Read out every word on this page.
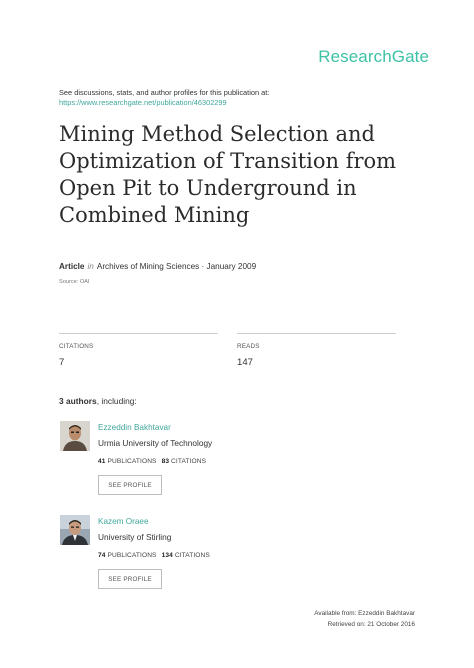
ResearchGate
See discussions, stats, and author profiles for this publication at:
https://www.researchgate.net/publication/46302299
Mining Method Selection and
Optimization of Transition from
Open Pit to Underground in
Combined Mining
Article in Archives of Mining Sciences · January 2009
Source: OAI
CITATIONS
7
READS
147
3 authors, including:
Ezzeddin Bakhtavar
Urmia University of Technology
41 PUBLICATIONS 83 CITATIONS
SEE PROFILE
Kazem Oraee
University of Stirling
74 PUBLICATIONS 134 CITATIONS
SEE PROFILE
Available from: Ezzeddin Bakhtavar
Retrieved on: 21 October 2016
